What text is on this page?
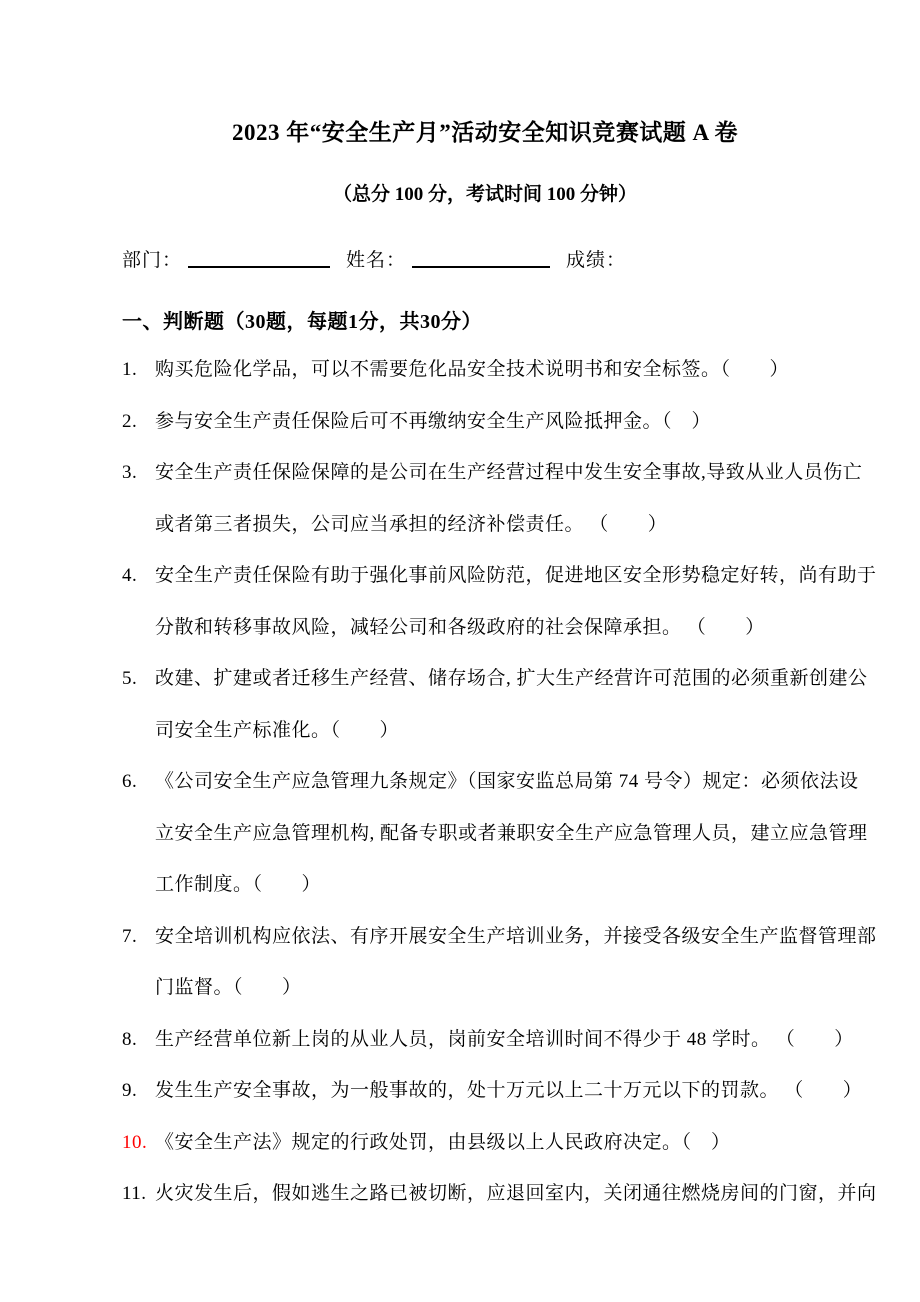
2023 年“安全生产月”活动安全知识竞赛试题 A 卷
（总分 100 分，考试时间 100 分钟）
部门：	姓名：	成绩：
一、判断题（30题，每题1分，共30分）
1. 购买危险化学品，可以不需要危化品安全技术说明书和安全标签。（　　）
2. 参与安全生产责任保险后可不再缴纳安全生产风险抵押金。（　）
3. 安全生产责任保险保障的是公司在生产经营过程中发生安全事故,导致从业人员伤亡
或者第三者损失，公司应当承担的经济补偿责任。 （　　）
4. 安全生产责任保险有助于强化事前风险防范，促进地区安全形势稳定好转，尚有助于
分散和转移事故风险，减轻公司和各级政府的社会保障承担。 （　　）
5. 改建、扩建或者迁移生产经营、储存场合, 扩大生产经营许可范围的必须重新创建公
司安全生产标准化。（　　）
6. 《公司安全生产应急管理九条规定》（国家安监总局第 74 号令）规定：必须依法设
立安全生产应急管理机构, 配备专职或者兼职安全生产应急管理人员，建立应急管理
工作制度。（　　）
7. 安全培训机构应依法、有序开展安全生产培训业务，并接受各级安全生产监督管理部
门监督。（　　）
8. 生产经营单位新上岗的从业人员，岗前安全培训时间不得少于 48 学时。 （　　）
9. 发生生产安全事故，为一般事故的，处十万元以上二十万元以下的罚款。 （　　）
10. 《安全生产法》规定的行政处罚，由县级以上人民政府决定。（　）
11. 火灾发生后，假如逃生之路已被切断，应退回室内，关闭通往燃烧房间的门窗，并向
